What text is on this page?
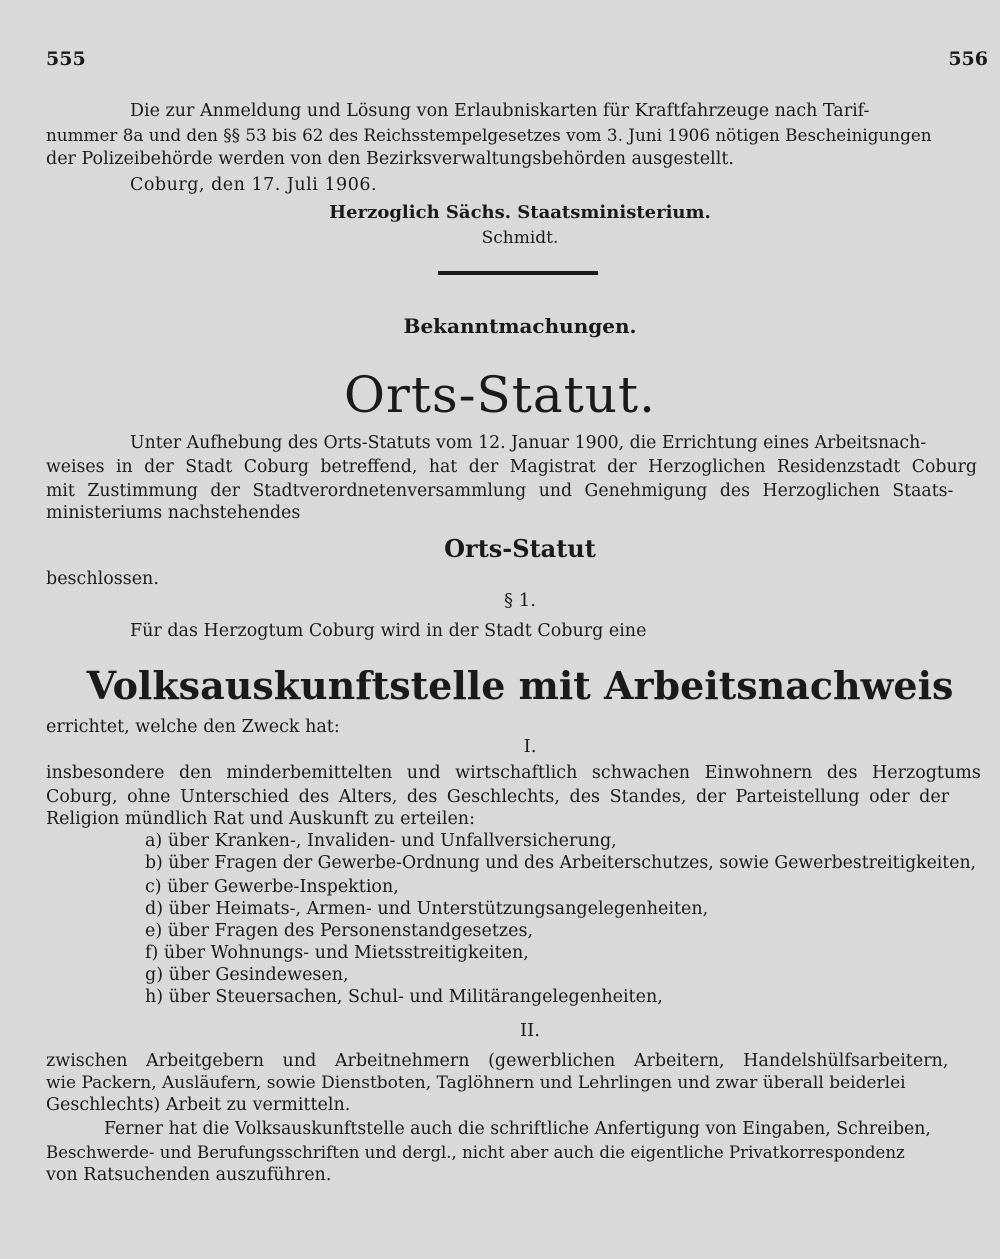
555	556
Die zur Anmeldung und Lösung von Erlaubniskarten für Kraftfahrzeuge nach Tarif-
nummer 8a und den §§ 53 bis 62 des Reichsstempelgesetzes vom 3. Juni 1906 nötigen Bescheinigungen
der Polizeibehörde werden von den Bezirksverwaltungsbehörden ausgestellt.
Coburg, den 17. Juli 1906.
Herzoglich Sächs. Staatsministerium.
Schmidt.
Bekanntmachungen.
Orts-Statut.
Unter Aufhebung des Orts-Statuts vom 12. Januar 1900, die Errichtung eines Arbeitsnach-
weises in der Stadt Coburg betreffend, hat der Magistrat der Herzoglichen Residenzstadt Coburg
mit Zustimmung der Stadtverordnetenversammlung und Genehmigung des Herzoglichen Staats-
ministeriums nachstehendes
Orts-Statut
beschlossen.
§ 1.
Für das Herzogtum Coburg wird in der Stadt Coburg eine
Volksauskunftstelle mit Arbeitsnachweis
errichtet, welche den Zweck hat:
I.
insbesondere den minderbemittelten und wirtschaftlich schwachen Einwohnern des Herzogtums
Coburg, ohne Unterschied des Alters, des Geschlechts, des Standes, der Parteistellung oder der
Religion mündlich Rat und Auskunft zu erteilen:
a) über Kranken-, Invaliden- und Unfallversicherung,
b) über Fragen der Gewerbe-Ordnung und des Arbeiterschutzes, sowie Gewerbestreitigkeiten,
c) über Gewerbe-Inspektion,
d) über Heimats-, Armen- und Unterstützungsangelegenheiten,
e) über Fragen des Personenstandgesetzes,
f) über Wohnungs- und Mietsstreitigkeiten,
g) über Gesindewesen,
h) über Steuersachen, Schul- und Militärangelegenheiten,
II.
zwischen Arbeitgebern und Arbeitnehmern (gewerblichen Arbeitern, Handelshülfsarbeitern,
wie Packern, Ausläufern, sowie Dienstboten, Taglöhnern und Lehrlingen und zwar überall beiderlei
Geschlechts) Arbeit zu vermitteln.
Ferner hat die Volksauskunftstelle auch die schriftliche Anfertigung von Eingaben, Schreiben,
Beschwerde- und Berufungsschriften und dergl., nicht aber auch die eigentliche Privatkorrespondenz
von Ratsuchenden auszuführen.
